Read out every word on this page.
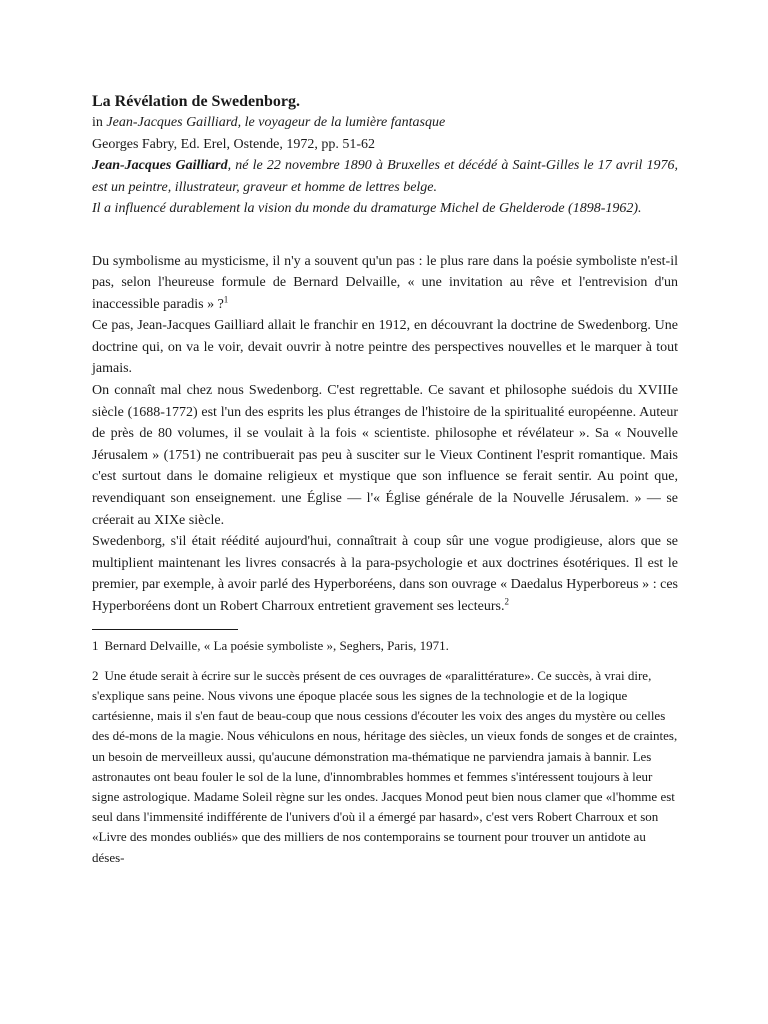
La Révélation de Swedenborg.

in Jean-Jacques Gailliard, le voyageur de la lumière fantasque

Georges Fabry, Ed. Erel, Ostende, 1972, pp. 51-62

Jean-Jacques Gailliard, né le 22 novembre 1890 à Bruxelles et décédé à Saint-Gilles le 17 avril 1976, est un peintre, illustrateur, graveur et homme de lettres belge.

Il a influencé durablement la vision du monde du dramaturge Michel de Ghelderode (1898-1962).

Du symbolisme au mysticisme, il n'y a souvent qu'un pas : le plus rare dans la poésie symboliste n'est-il pas, selon l'heureuse formule de Bernard Delvaille, « une invitation au rêve et l'entrevision d'un inaccessible paradis » ?$^1$

Ce pas, Jean-Jacques Gailliard allait le franchir en 1912, en découvrant la doctrine de Swedenborg. Une doctrine qui, on va le voir, devait ouvrir à notre peintre des perspectives nouvelles et le marquer à tout jamais.

On connaît mal chez nous Swedenborg. C'est regrettable. Ce savant et philosophe suédois du XVIIIe siècle (1688-1772) est l'un des esprits les plus étranges de l'histoire de la spiritualité européenne. Auteur de près de 80 volumes, il se voulait à la fois « scientiste. philosophe et révélateur ». Sa « Nouvelle Jérusalem » (1751) ne contribuerait pas peu à susciter sur le Vieux Continent l'esprit romantique. Mais c'est surtout dans le domaine religieux et mystique que son influence se ferait sentir. Au point que, revendiquant son enseignement. une Église — l'« Église générale de la Nouvelle Jérusalem. » — se créerait au XIXe siècle.

Swedenborg, s'il était réédité aujourd'hui, connaîtrait à coup sûr une vogue prodigieuse, alors que se multiplient maintenant les livres consacrés à la para-psychologie et aux doctrines ésotériques. Il est le premier, par exemple, à avoir parlé des Hyperboréens, dans son ouvrage « Daedalus Hyperboreus » : ces Hyperboréens dont un Robert Charroux entretient gravement ses lecteurs.$^2$

1 Bernard Delvaille, « La poésie symboliste », Seghers, Paris, 1971.

2 Une étude serait à écrire sur le succès présent de ces ouvrages de «paralittérature». Ce succès, à vrai dire, s'explique sans peine. Nous vivons une époque placée sous les signes de la technologie et de la logique cartésienne, mais il s'en faut de beau-coup que nous cessions d'écouter les voix des anges du mystère ou celles des dé-mons de la magie. Nous véhiculons en nous, héritage des siècles, un vieux fonds de songes et de craintes, un besoin de merveilleux aussi, qu'aucune démonstration ma-thématique ne parviendra jamais à bannir. Les astronautes ont beau fouler le sol de la lune, d'innombrables hommes et femmes s'intéressent toujours à leur signe astrologique. Madame Soleil règne sur les ondes. Jacques Monod peut bien nous clamer que «l'homme est seul dans l'immensité indifférente de l'univers d'où il a émergé par hasard», c'est vers Robert Charroux et son «Livre des mondes oubliés» que des milliers de nos contemporains se tournent pour trouver un antidote au déses-
